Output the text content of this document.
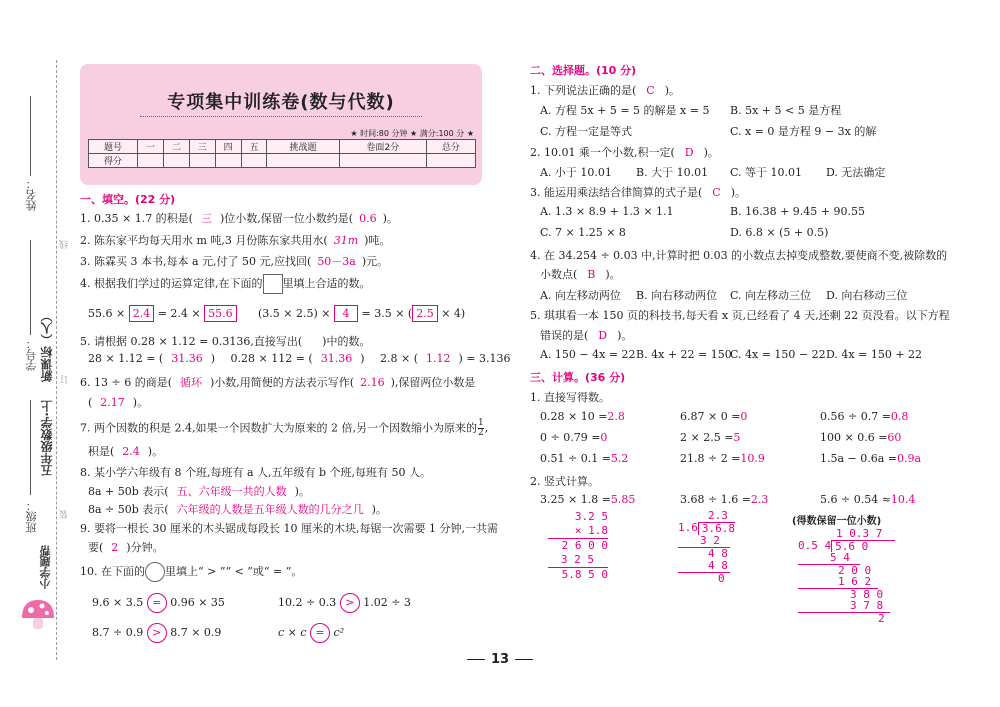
姓名：
学号：
班级：
新课标（人）
五年级数学·上
小学题帮
线
订
装
专项集中训练卷(数与代数)
★ 时间:80 分钟 ★ 满分:100 分 ★
题号	一	二	三	四	五	挑战题	卷面2分	总分
得分								
一、填空。(22 分)
1. 0.35 × 1.7 的积是( 三 )位小数,保留一位小数约是( 0.6 )。
2. 陈东家平均每天用水 m 吨,3 月份陈东家共用水( 31m )吨。
3. 陈霖买 3 本书,每本 a 元,付了 50 元,应找回( 50－3a )元。
4. 根据我们学过的运算定律,在下面的 里填上合适的数。
55.6 × 2.4 = 2.4 × 55.6	(3.5 × 2.5) × 4 = 3.5 × ( 2.5 × 4)
5. 请根据 0.28 × 1.12 = 0.3136,直接写出( )中的数。
28 × 1.12 = ( 31.36 ) 0.28 × 112 = ( 31.36 ) 2.8 × ( 1.12 ) = 3.136
6. 13 ÷ 6 的商是( 循环 )小数,用简便的方法表示写作( 2.16 ),保留两位小数是
( 2.17 )。
7. 两个因数的积是 2.4,如果一个因数扩大为原来的 2 倍,另一个因数缩小为原来的 $\frac{1}{2}$ ,
积是( 2.4 )。
8. 某小学六年级有 8 个班,每班有 a 人,五年级有 b 个班,每班有 50 人。
8a + 50b 表示( 五、六年级一共的人数 )。
8a ÷ 50b 表示( 六年级的人数是五年级人数的几分之几 )。
9. 要将一根长 30 厘米的木头锯成每段长 10 厘米的木块,每锯一次需要 1 分钟,一共需
要( 2 )分钟。
10. 在下面的 里填上“ > ”“ < ”或“ = ”。
9.6 × 3.5 = 0.96 × 35	10.2 ÷ 0.3 > 1.02 ÷ 3
8.7 ÷ 0.9 > 8.7 × 0.9	c × c = c²
二、选择题。(10 分)
1. 下列说法正确的是( C )。
A. 方程 5x + 5 = 5 的解是 x = 5 B. 5x + 5 < 5 是方程
C. 方程一定是等式	C. x = 0 是方程 9 − 3x 的解
2. 10.01 乘一个小数,积一定( D )。
A. 小于 10.01 B. 大于 10.01 C. 等于 10.01 D. 无法确定
3. 能运用乘法结合律简算的式子是( C )。
A. 1.3 × 8.9 + 1.3 × 1.1	B. 16.38 + 9.45 + 90.55
C. 7 × 1.25 × 8	D. 6.8 × (5 + 0.5)
4. 在 34.254 ÷ 0.03 中,计算时把 0.03 的小数点去掉变成整数,要使商不变,被除数的
小数点( B )。
A. 向左移动两位 B. 向右移动两位 C. 向左移动三位 D. 向右移动三位
5. 琪琪看一本 150 页的科技书,每天看 x 页,已经看了 4 天,还剩 22 页没看。以下方程
错误的是( D )。
A. 150 − 4x = 22 B. 4x + 22 = 150
C. 4x = 150 − 22 D. 4x = 150 + 22
三、计算。(36 分)
1. 直接写得数。
0.28 × 10 =2.8	6.87 × 0 =0	0.56 ÷ 0.7 =0.8
0 ÷ 0.79 =0	2 × 2.5 =5	100 × 0.6 =60
0.51 ÷ 0.1 =5.2	21.8 ÷ 2 =10.9	1.5a − 0.6a =0.9a
2. 竖式计算。
3.25 × 1.8 =5.85	3.68 ÷ 1.6 =2.3	5.6 ÷ 0.54 ≈10.4
3.2 5
× 1.8
2 6 0 0
3 2 5
5.8 5 0
2.3
1.6 3.6.8
3 2
4 8
4 8
0
(得数保留一位小数)
1 0.3 7
0.5 4 5.6 0
5 4
2 0 0
1 6 2
3 8 0
3 7 8
2
13
